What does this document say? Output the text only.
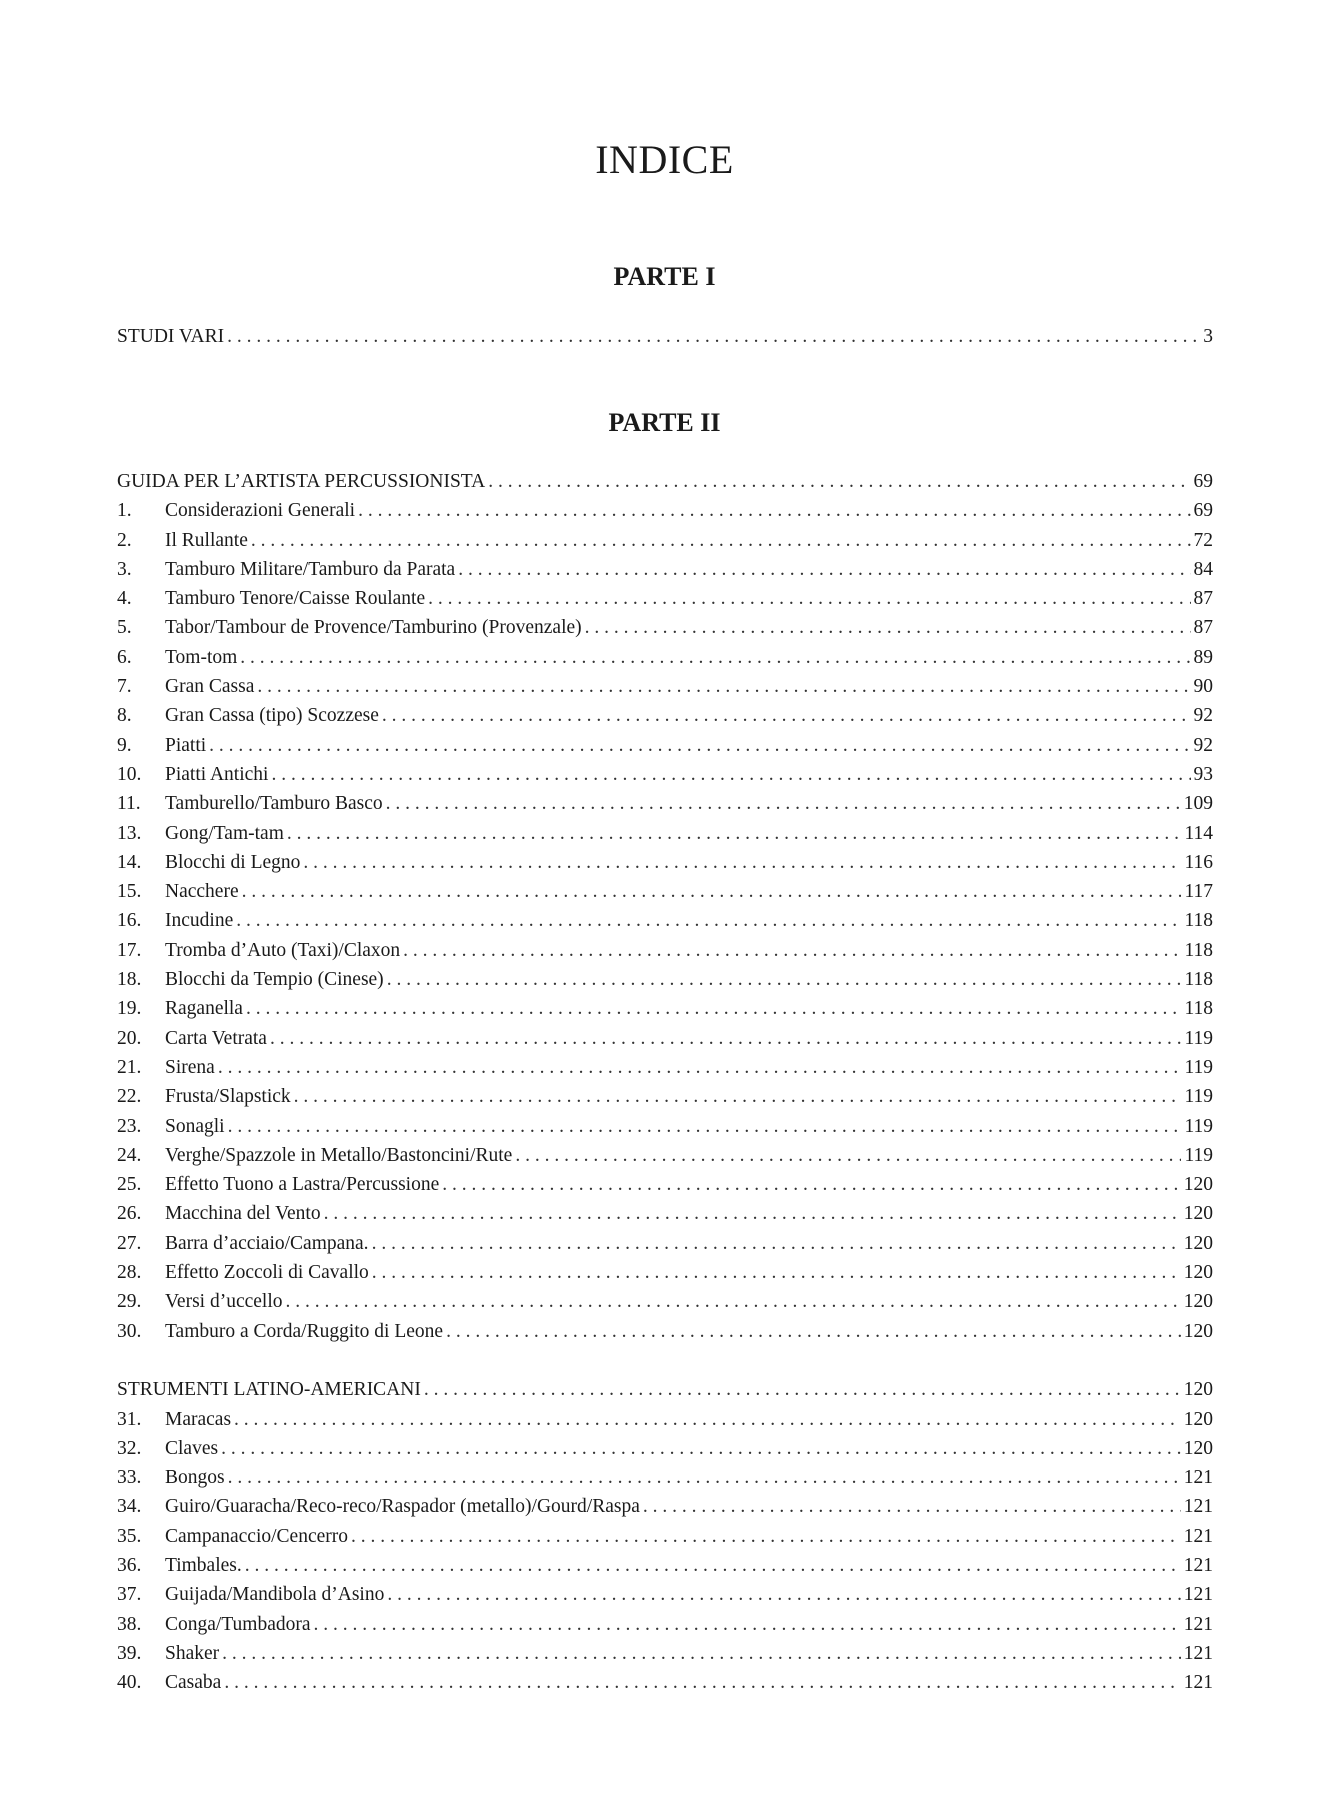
INDICE
PARTE I
STUDI VARI . . .	3
PARTE II
GUIDA PER L’ARTISTA PERCUSSIONISTA . . .	69
1.	Considerazioni Generali . . .	69
2.	Il Rullante . . .	72
3.	Tamburo Militare/Tamburo da Parata . . .	84
4.	Tamburo Tenore/Caisse Roulante . . .	87
5.	Tabor/Tambour de Provence/Tamburino (Provenzale) . . .	87
6.	Tom-tom . . .	89
7.	Gran Cassa . . .	90
8.	Gran Cassa (tipo) Scozzese . . .	92
9.	Piatti . . .	92
10.	Piatti Antichi . . .	93
11.	Tamburello/Tamburo Basco . . .	109
13.	Gong/Tam-tam . . .	114
14.	Blocchi di Legno . . .	116
15.	Nacchere . . .	117
16.	Incudine . . .	118
17.	Tromba d’Auto (Taxi)/Claxon . . .	118
18.	Blocchi da Tempio (Cinese) . . .	118
19.	Raganella . . .	118
20.	Carta Vetrata . . .	119
21.	Sirena . . .	119
22.	Frusta/Slapstick . . .	119
23.	Sonagli . . .	119
24.	Verghe/Spazzole in Metallo/Bastoncini/Rute . . .	119
25.	Effetto Tuono a Lastra/Percussione . . .	120
26.	Macchina del Vento . . .	120
27.	Barra d’acciaio/Campana. . . .	120
28.	Effetto Zoccoli di Cavallo . . .	120
29.	Versi d’uccello . . .	120
30.	Tamburo a Corda/Ruggito di Leone . . .	120
STRUMENTI LATINO-AMERICANI . . .	120
31.	Maracas . . .	120
32.	Claves . . .	120
33.	Bongos . . .	121
34.	Guiro/Guaracha/Reco-reco/Raspador (metallo)/Gourd/Raspa . . .	121
35.	Campanaccio/Cencerro . . .	121
36.	Timbales. . . .	121
37.	Guijada/Mandibola d’Asino . . .	121
38.	Conga/Tumbadora . . .	121
39.	Shaker . . .	121
40.	Casaba . . .	121
